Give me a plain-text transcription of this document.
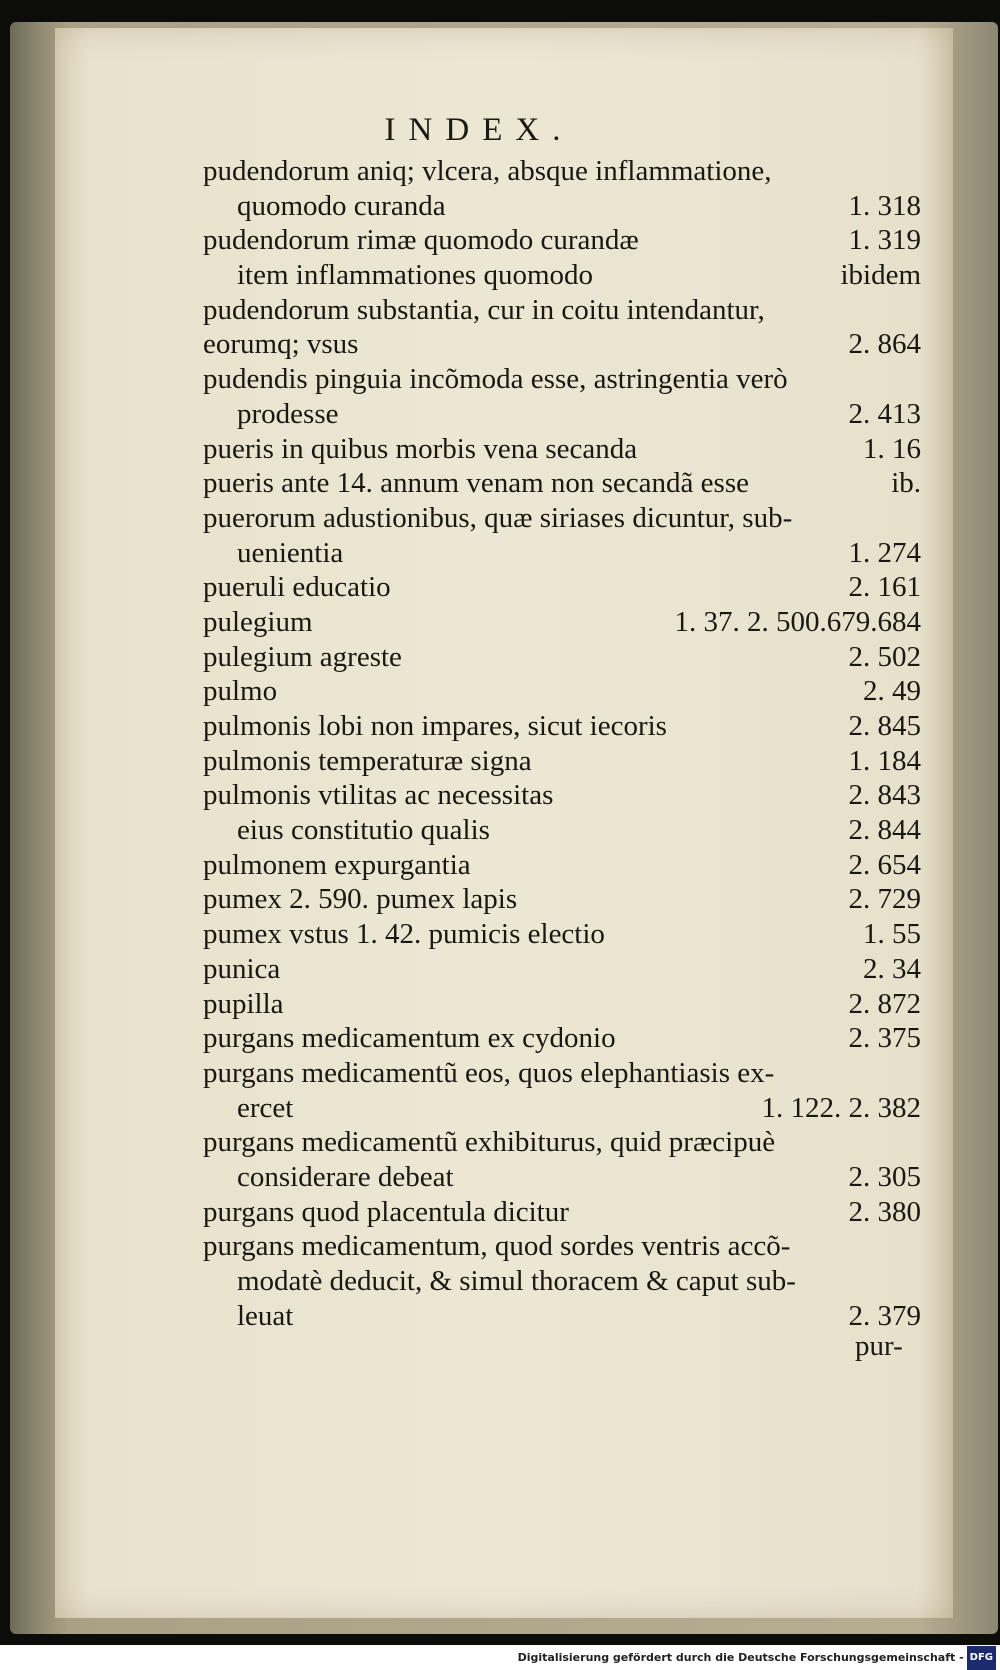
INDEX.
pudendorum aniq; vlcera, absque inflammatione,
quomodo curanda	1. 318
pudendorum rimæ quomodo curandæ	1. 319
item inflammationes quomodo	ibidem
pudendorum substantia, cur in coitu intendantur,
eorumq; vsus	2. 864
pudendis pinguia incõmoda esse, astringentia verò
prodesse	2. 413
pueris in quibus morbis vena secanda	1. 16
pueris ante 14. annum venam non secandã esse	ib.
puerorum adustionibus, quæ siriases dicuntur, sub-
uenientia	1. 274
pueruli educatio	2. 161
pulegium	1. 37. 2. 500.679.684
pulegium agreste	2. 502
pulmo	2. 49
pulmonis lobi non impares, sicut iecoris	2. 845
pulmonis temperaturæ signa	1. 184
pulmonis vtilitas ac necessitas	2. 843
eius constitutio qualis	2. 844
pulmonem expurgantia	2. 654
pumex 2. 590. pumex lapis	2. 729
pumex vstus 1. 42. pumicis electio	1. 55
punica	2. 34
pupilla	2. 872
purgans medicamentum ex cydonio	2. 375
purgans medicamentũ eos, quos elephantiasis ex-
ercet	1. 122. 2. 382
purgans medicamentũ exhibiturus, quid præcipuè
considerare debeat	2. 305
purgans quod placentula dicitur	2. 380
purgans medicamentum, quod sordes ventris accõ-
modatè deducit, & simul thoracem & caput sub-
leuat	2. 379
pur-
Digitalisierung gefördert durch die Deutsche Forschungsgemeinschaft - DFG
